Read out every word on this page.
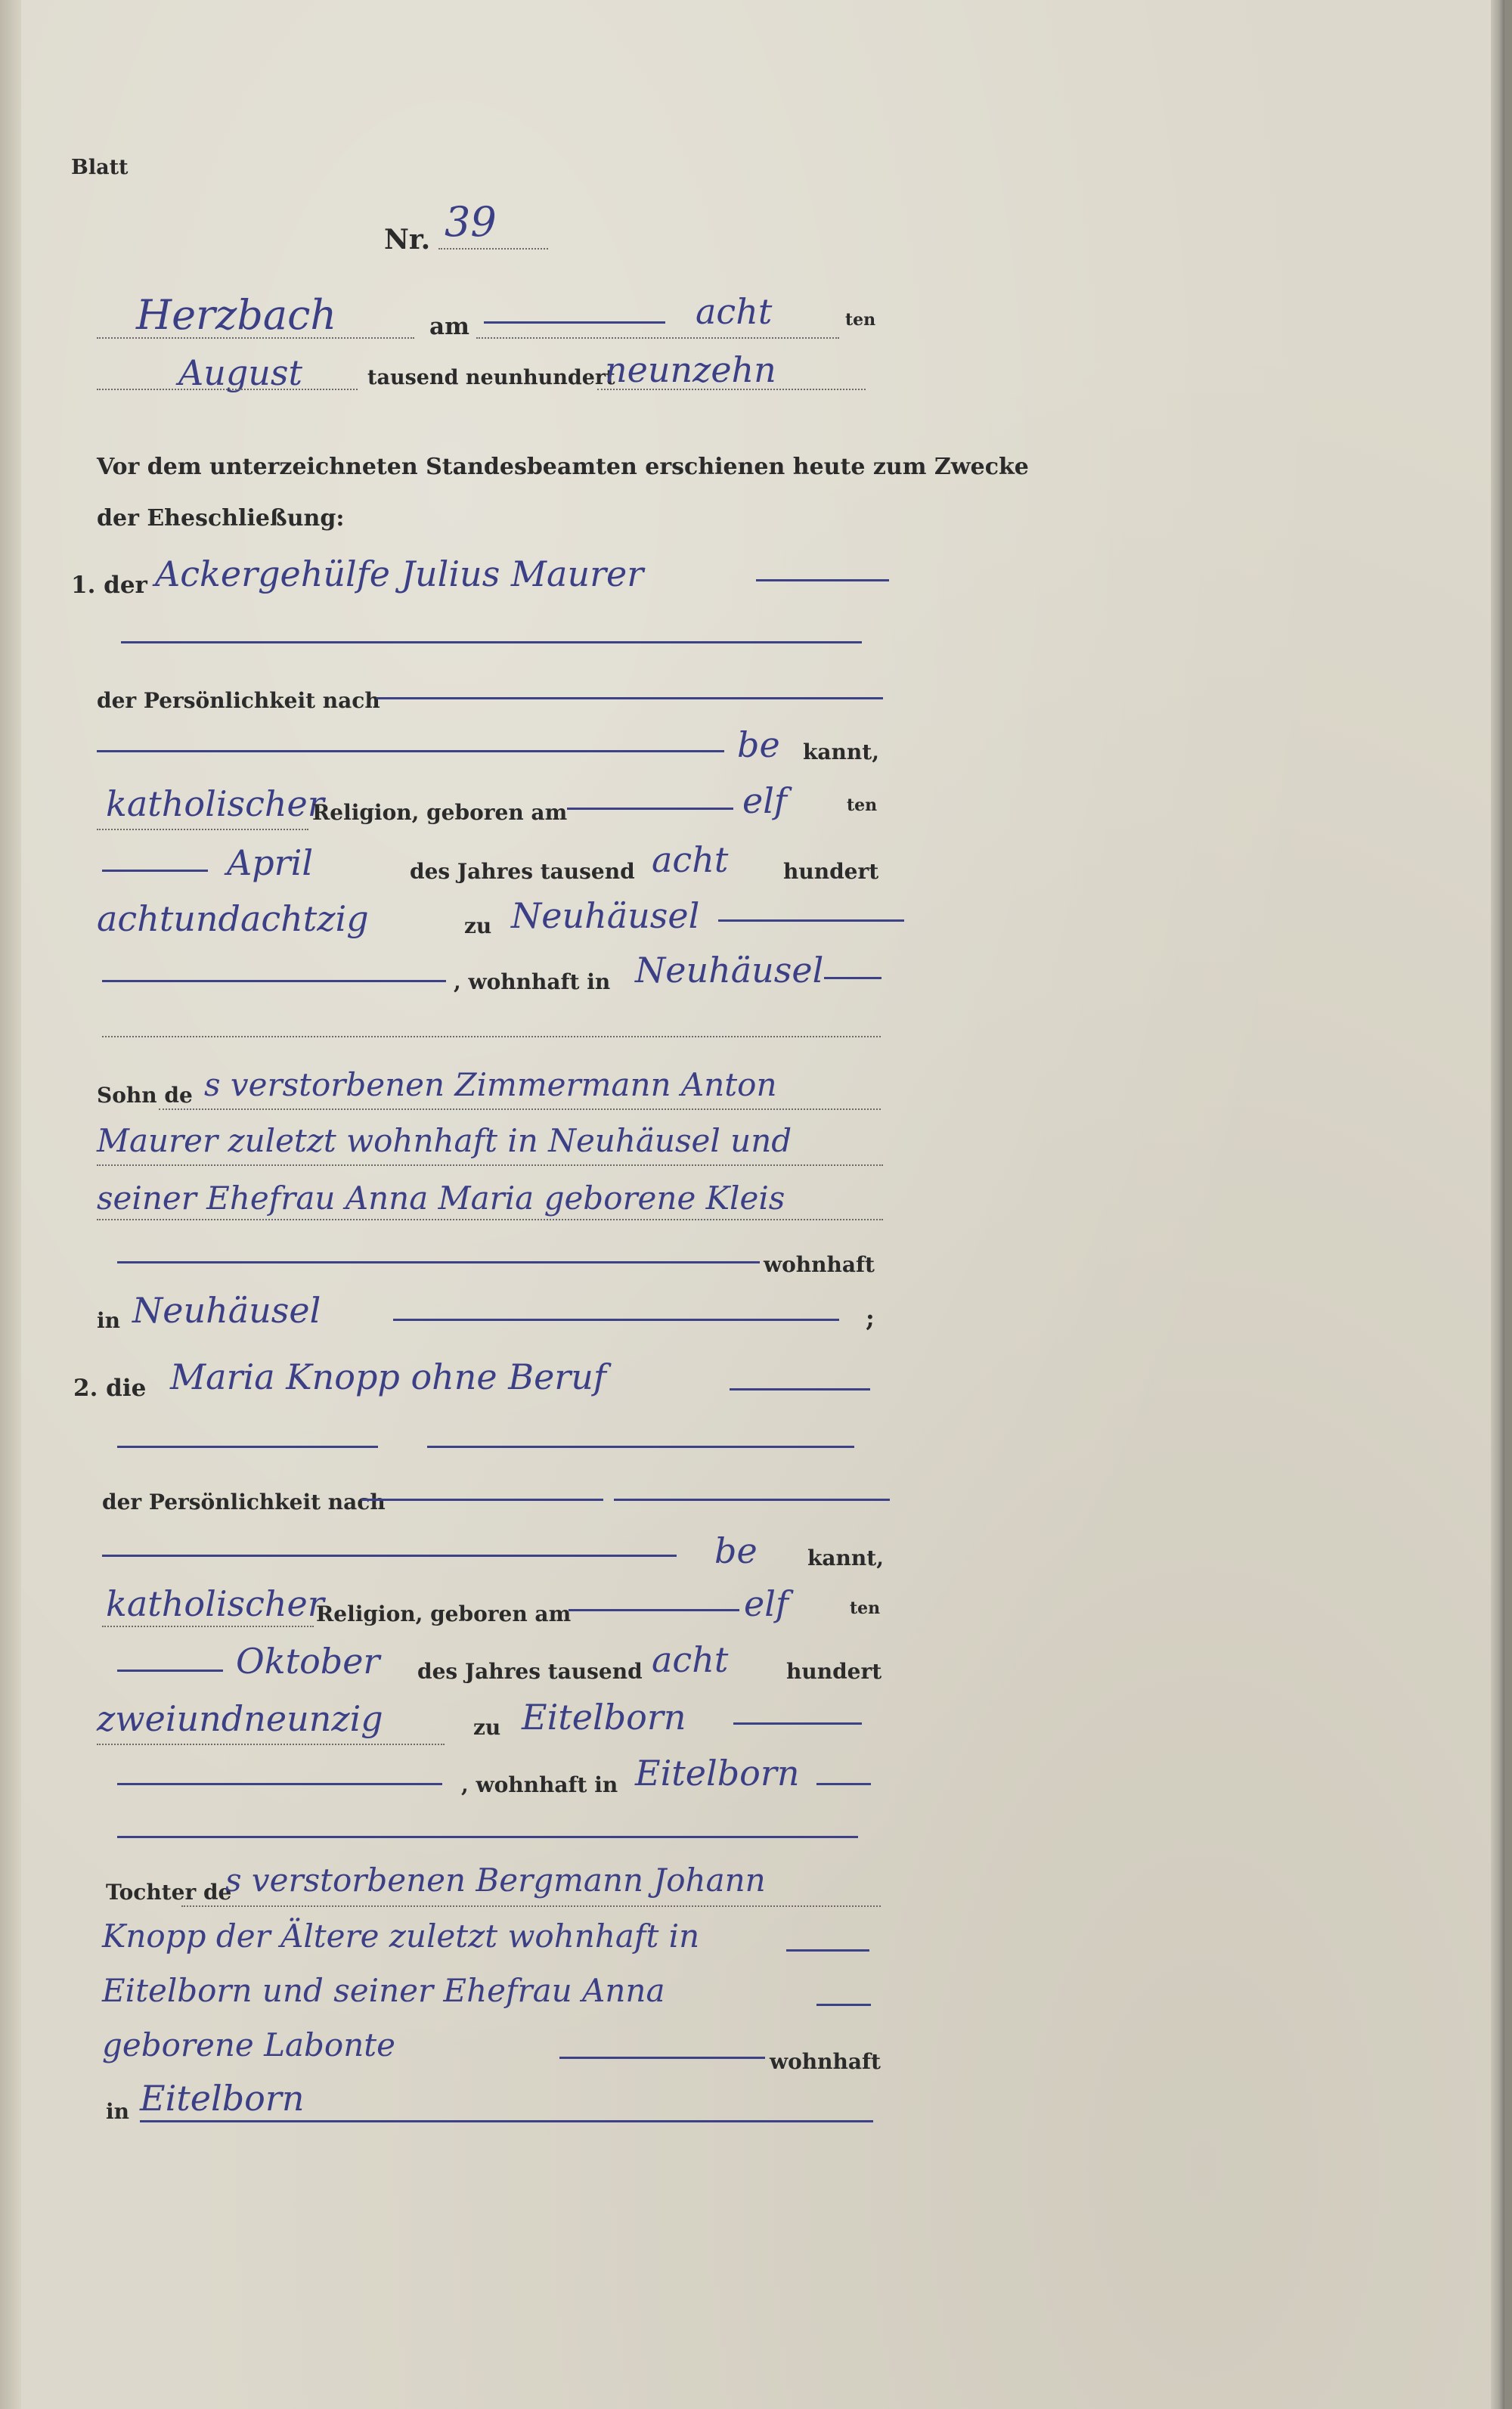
Blatt
Nr. 39
Herzbach	am	acht	ten
August	tausend neunhundert
neunzehn
Vor dem unterzeichneten Standesbeamten erschienen heute zum Zwecke
der Eheschließung:
1. der Ackergehülfe Julius Maurer
der Persönlichkeit nach
be kannt,
katholischer
Religion, geboren am	elf	ten
April	des Jahres tausend acht	hundert
achtundachtzig	zu Neuhäusel
, wohnhaft in Neuhäusel
Sohn de s verstorbenen Zimmermann Anton
Maurer zuletzt wohnhaft in Neuhäusel und
seiner Ehefrau Anna Maria geborene Kleis
wohnhaft
in Neuhäusel	;
2. die Maria Knopp ohne Beruf
der Persönlichkeit nach
be kannt,
katholischer
Religion, geboren am	elf	ten
Oktober des Jahres tausend acht	hundert
zweiundneunzig	zu Eitelborn
, wohnhaft in Eitelborn
Tochter de
s verstorbenen Bergmann Johann
Knopp der Ältere zuletzt wohnhaft in
Eitelborn und seiner Ehefrau Anna
geborene Labonte	wohnhaft
in Eitelborn
